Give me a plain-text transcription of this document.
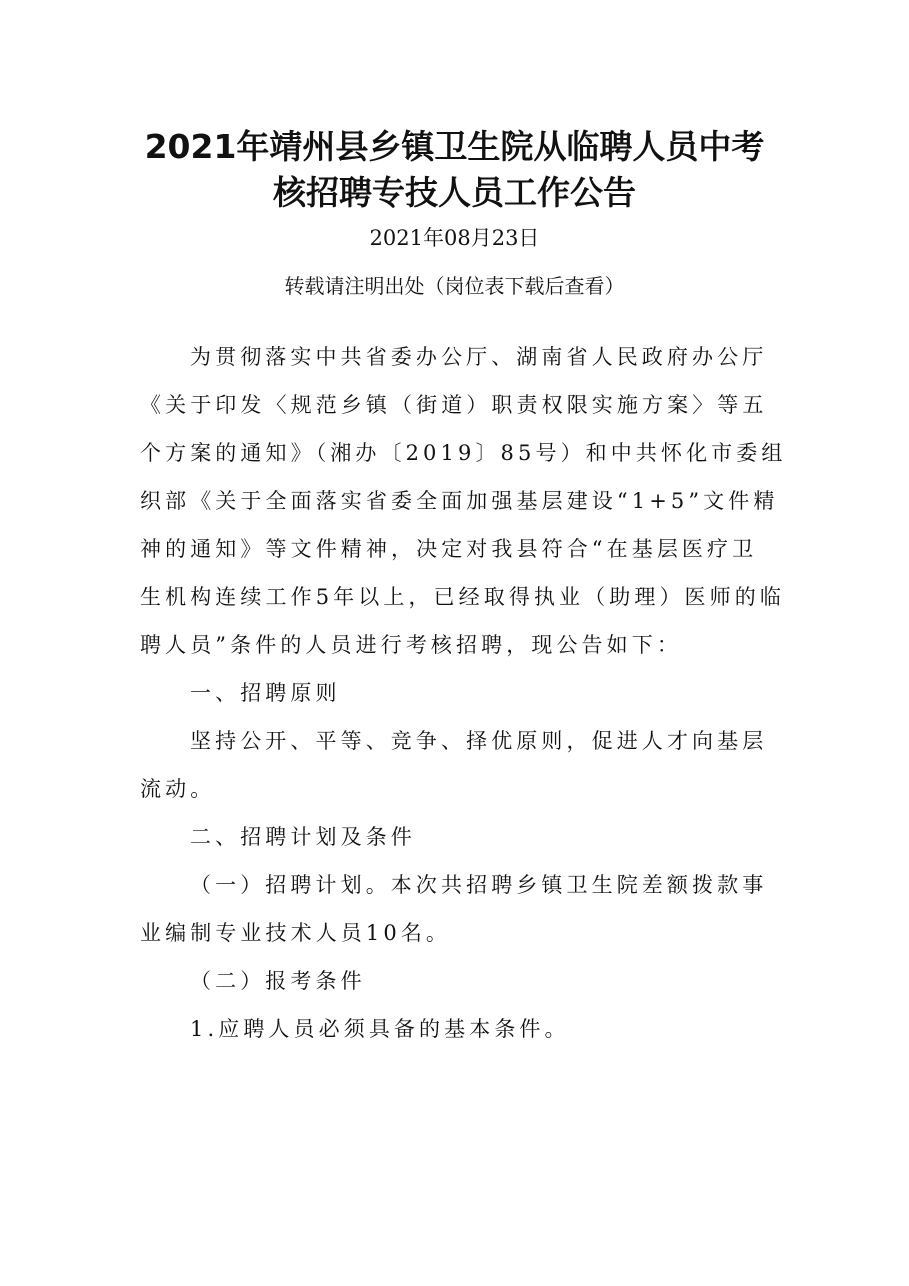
2021年靖州县乡镇卫生院从临聘人员中考
核招聘专技人员工作公告
2021年08月23日
转载请注明出处（岗位表下载后查看）
为贯彻落实中共省委办公厅、湖南省人民政府办公厅
《关于印发〈规范乡镇（街道）职责权限实施方案〉等五
个方案的通知》（湘办〔2019〕85号）和中共怀化市委组
织部《关于全面落实省委全面加强基层建设“1+5”文件精
神的通知》等文件精神，决定对我县符合“在基层医疗卫
生机构连续工作5年以上，已经取得执业（助理）医师的临
聘人员”条件的人员进行考核招聘，现公告如下：
一、招聘原则
坚持公开、平等、竞争、择优原则，促进人才向基层
流动。
二、招聘计划及条件
（一）招聘计划。本次共招聘乡镇卫生院差额拨款事
业编制专业技术人员10名。
（二）报考条件
1.应聘人员必须具备的基本条件。
